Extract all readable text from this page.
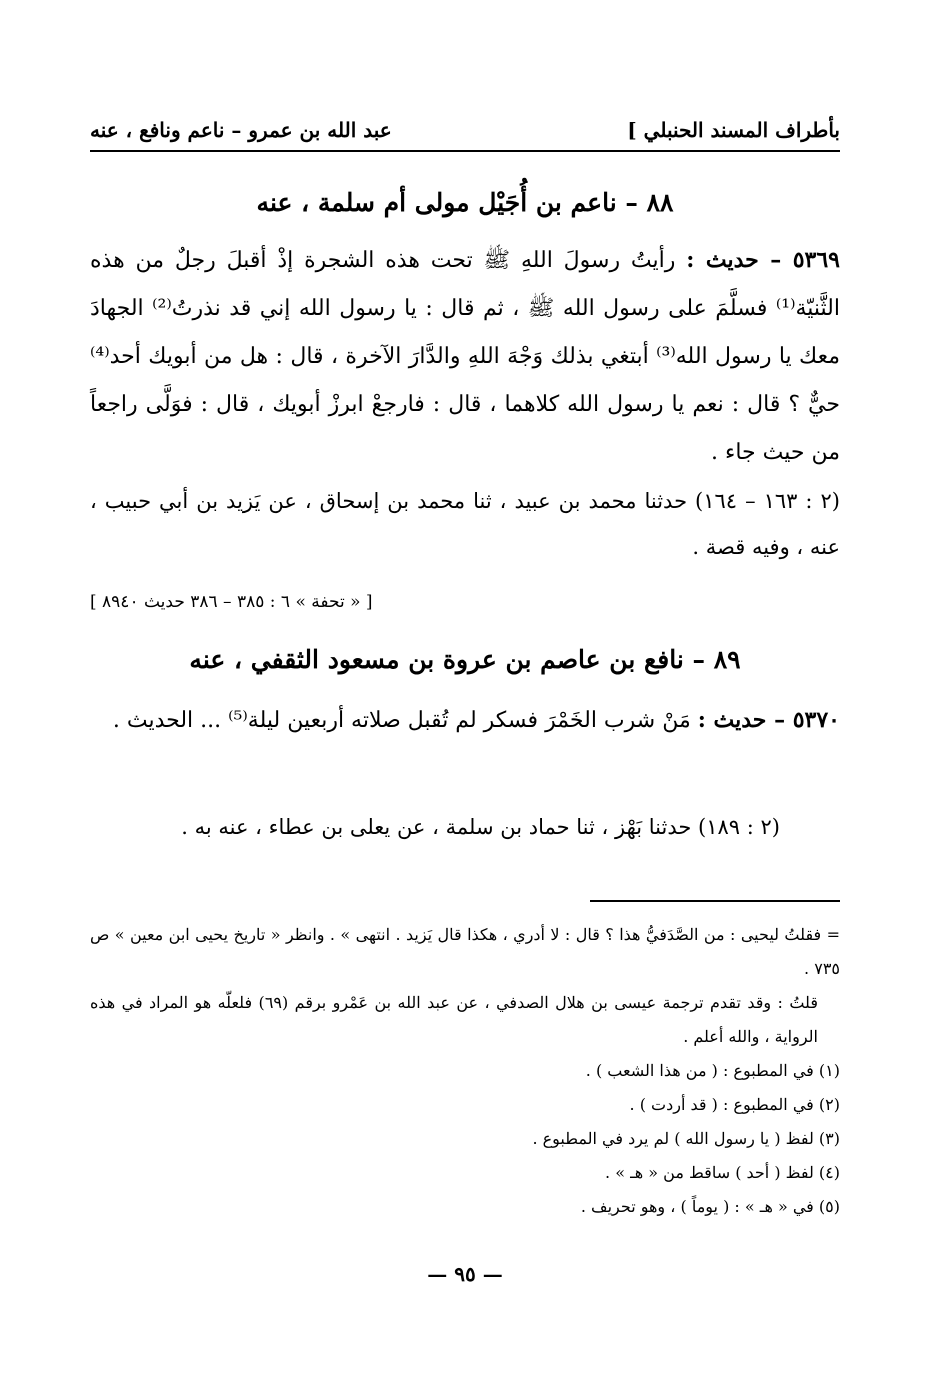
بأطراف المسند الحنبلي ]
عبد الله بن عمرو – ناعم ونافع ، عنه
٨٨ – ناعم بن أُجَيْل مولى أم سلمة ، عنه
٥٣٦٩ – حديث : رأيتُ رسولَ اللهِ ﷺ تحت هذه الشجرة إذْ أقبلَ رجلٌ من هذه الثَّنيّة⁽¹⁾ فسلَّمَ على رسول الله ﷺ ، ثم قال : يا رسول الله إني قد نذرتُ⁽²⁾ الجهادَ معك يا رسول الله⁽³⁾ أبتغي بذلك وَجْهَ اللهِ والدَّارَ الآخرة ، قال : هل من أبويك أحد⁽⁴⁾ حيٌّ ؟ قال : نعم يا رسول الله كلاهما ، قال : فارجعْ ابرزْ أبويك ، قال : فوَلَّى راجعاً من حيث جاء .
(٢ : ١٦٣ – ١٦٤) حدثنا محمد بن عبيد ، ثنا محمد بن إسحاق ، عن يَزيد بن أبي حبيب ، عنه ، وفيه قصة .
[ « تحفة » ٦ : ٣٨٥ – ٣٨٦ حديث ٨٩٤٠ ]
٨٩ – نافع بن عاصم بن عروة بن مسعود الثقفي ، عنه
٥٣٧٠ – حديث : مَنْ شرب الخَمْرَ فسكر لم تُقبل صلاته أربعين ليلة⁽⁵⁾ ... الحديث .
(٢ : ١٨٩) حدثنا بَهْز ، ثنا حماد بن سلمة ، عن يعلى بن عطاء ، عنه به .

= فقلتُ ليحيى : من الصَّدَفيُّ هذا ؟ قال : لا أدري ، هكذا قال يَزيد . انتهى » . وانظر « تاريخ يحيى ابن معين » ص ٧٣٥ .

قلتُ : وقد تقدم ترجمة عيسى بن هلال الصدفي ، عن عبد الله بن عَمْرو برقم (٦٩) فلعلّه هو المراد في هذه الرواية ، والله أعلم .

(١) في المطبوع : ( من هذا الشعب ) .

(٢) في المطبوع : ( قد أردت ) .

(٣) لفظ ( يا رسول الله ) لم يرد في المطبوع .

(٤) لفظ ( أحد ) ساقط من « هـ » .

(٥) في « هـ » : ( يوماً ) ، وهو تحريف .

— ٩٥ —
